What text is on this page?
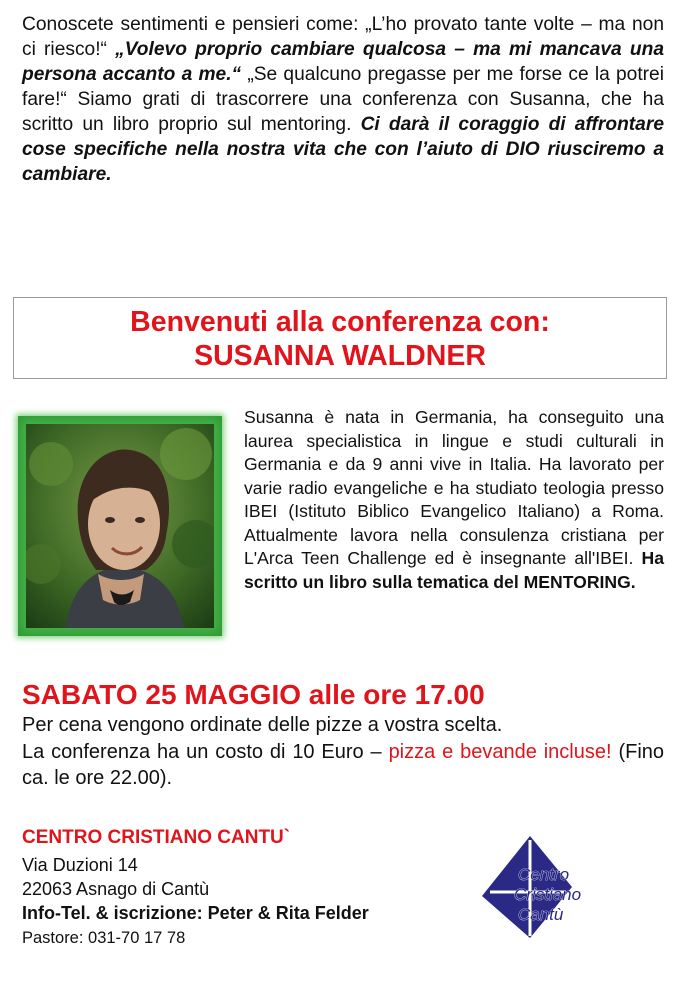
Conoscete sentimenti e pensieri come: „L’ho provato tante volte – ma non ci riesco!“ „Volevo proprio cambiare qualcosa – ma mi mancava una persona accanto a me.“ „Se qualcuno pregasse per me forse ce la potrei fare!“ Siamo grati di trascorrere una conferenza con Susanna, che ha scritto un libro proprio sul mentoring. Ci darà il coraggio di affrontare cose specifiche nella nostra vita che con l’aiuto di DIO riusciremo a cambiare.

Benvenuti alla conferenza con:
SUSANNA WALDNER

Susanna è nata in Germania, ha conseguito una laurea specialistica in lingue e studi culturali in Germania e da 9 anni vive in Italia. Ha lavorato per varie radio evangeliche e ha studiato teologia presso IBEI (Istituto Biblico Evangelico Italiano) a Roma. Attualmente lavora nella consulenza cristiana per L'Arca Teen Challenge ed è insegnante all'IBEI. Ha scritto un libro sulla tematica del MENTORING.

SABATO 25 MAGGIO alle ore 17.00

Per cena vengono ordinate delle pizze a vostra scelta.
La conferenza ha un costo di 10 Euro – pizza e bevande incluse! (Fino ca. le ore 22.00).

CENTRO CRISTIANO CANTU`

Via Duzioni 14
22063 Asnago di Cantù
Info-Tel. & iscrizione: Peter & Rita Felder
Pastore: 031-70 17 78

Centro
Cristiano
Cantù
